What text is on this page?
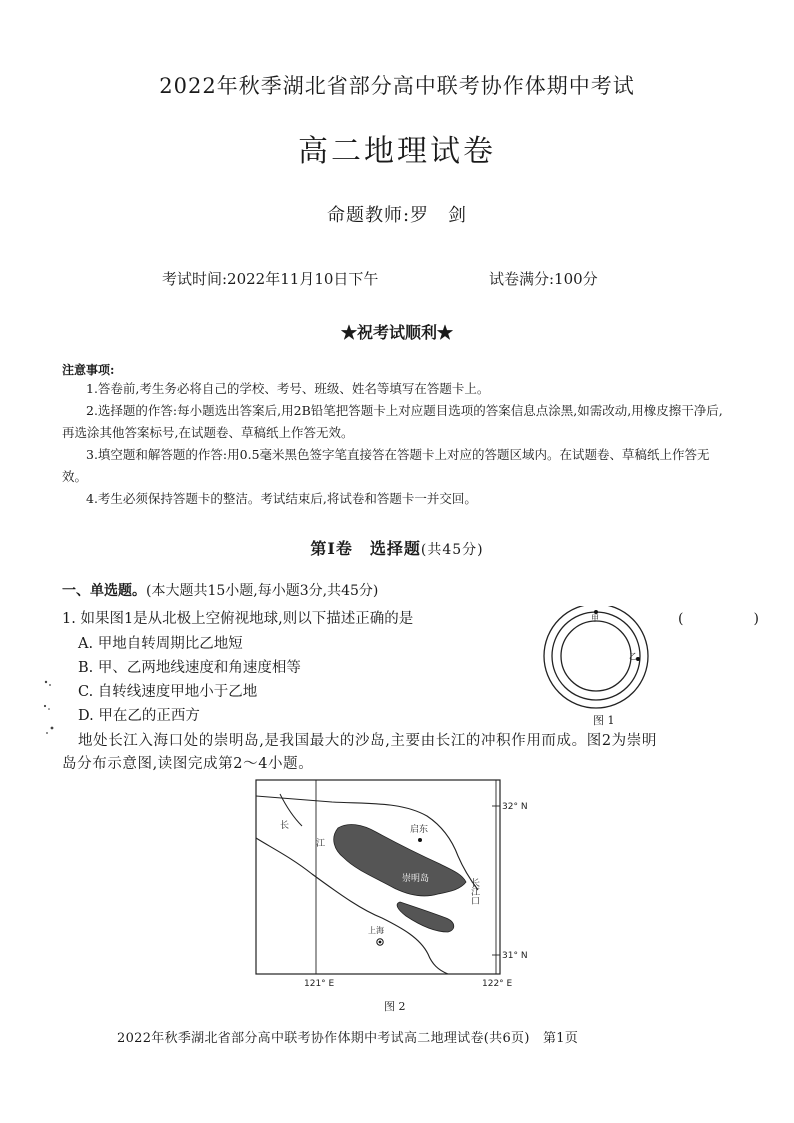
2022年秋季湖北省部分高中联考协作体期中考试
高二地理试卷
命题教师:罗　剑
考试时间:2022年11月10日下午	试卷满分:100分
★祝考试顺利★
注意事项:
1.答卷前,考生务必将自己的学校、考号、班级、姓名等填写在答题卡上。
2.选择题的作答:每小题选出答案后,用2B铅笔把答题卡上对应题目选项的答案信息点涂黑,如需改动,用橡皮擦干净后,再选涂其他答案标号,在试题卷、草稿纸上作答无效。
3.填空题和解答题的作答:用0.5毫米黑色签字笔直接答在答题卡上对应的答题区域内。在试题卷、草稿纸上作答无效。
4.考生必须保持答题卡的整洁。考试结束后,将试卷和答题卡一并交回。
第Ⅰ卷　选择题(共45分)
一、单选题。(本大题共15小题,每小题3分,共45分)
1. 如果图1是从北极上空俯视地球,则以下描述正确的是	(　)
A. 甲地自转周期比乙地短
B. 甲、乙两地线速度和角速度相等
C. 自转线速度甲地小于乙地
D. 甲在乙的正西方
甲
乙
图 1
地处长江入海口处的崇明岛,是我国最大的沙岛,主要由长江的冲积作用而成。图2为崇明
岛分布示意图,读图完成第2～4小题。
32° N
31° N
121° E	122° E
长
江
启东
崇明岛
上海
长江口
图 2
2022年秋季湖北省部分高中联考协作体期中考试高二地理试卷(共6页)　第1页
